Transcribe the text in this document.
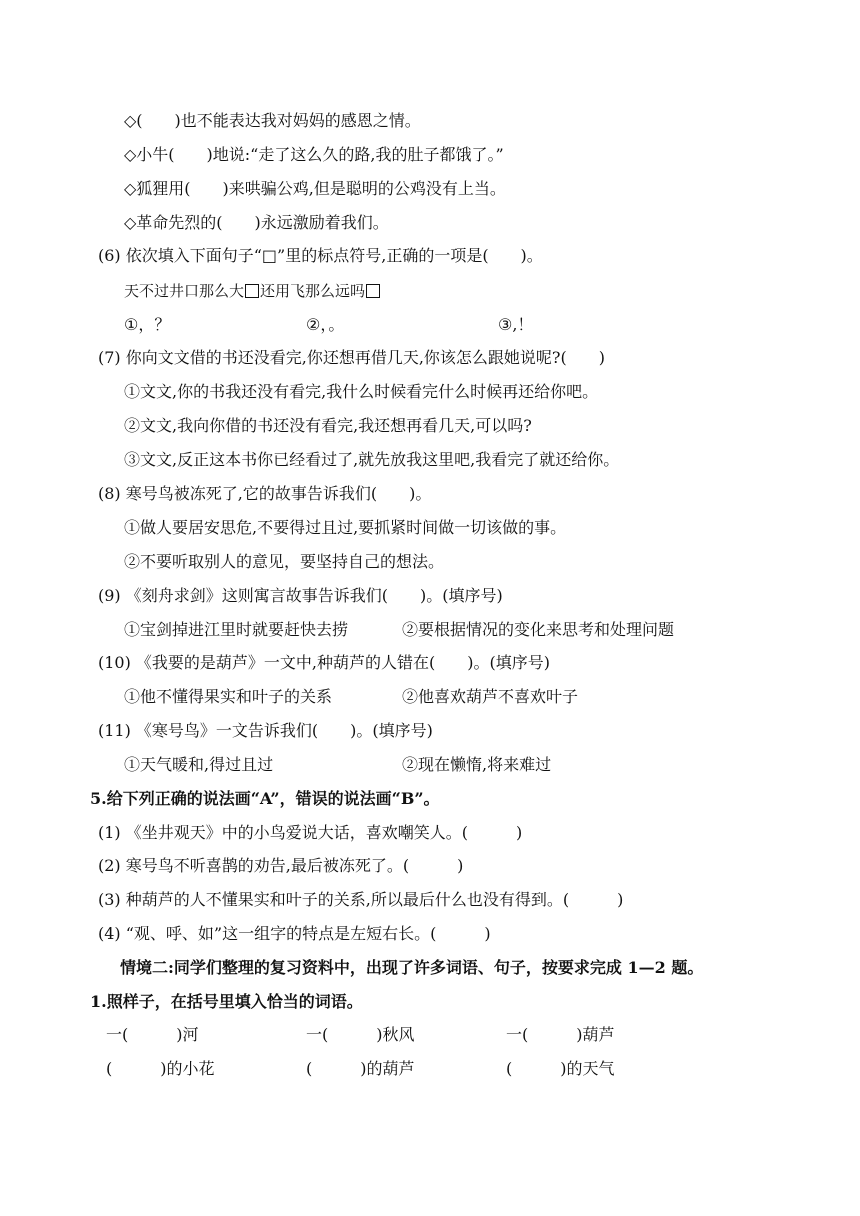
◇(　　)也不能表达我对妈妈的感恩之情。
◇小牛(　　)地说:“走了这么久的路,我的肚子都饿了。”
◇狐狸用(　　)来哄骗公鸡,但是聪明的公鸡没有上当。
◇革命先烈的(　　)永远激励着我们。
(6) 依次填入下面句子“□”里的标点符号,正确的一项是(　　)。
天不过井口那么大 还用飞那么远吗
①，？	②，。	③,！
(7) 你向文文借的书还没看完,你还想再借几天,你该怎么跟她说呢?(　　)
①文文,你的书我还没有看完,我什么时候看完什么时候再还给你吧。
②文文,我向你借的书还没有看完,我还想再看几天,可以吗?
③文文,反正这本书你已经看过了,就先放我这里吧,我看完了就还给你。
(8) 寒号鸟被冻死了,它的故事告诉我们(　　)。
①做人要居安思危,不要得过且过,要抓紧时间做一切该做的事。
②不要听取别人的意见，要坚持自己的想法。
(9) 《刻舟求剑》这则寓言故事告诉我们(　　)。(填序号)
①宝剑掉进江里时就要赶快去捞	②要根据情况的变化来思考和处理问题
(10) 《我要的是葫芦》一文中,种葫芦的人错在(　　)。(填序号)
①他不懂得果实和叶子的关系	②他喜欢葫芦不喜欢叶子
(11) 《寒号鸟》一文告诉我们(　　)。(填序号)
①天气暖和,得过且过	②现在懒惰,将来难过
5.给下列正确的说法画“A”，错误的说法画“B”。
(1) 《坐井观天》中的小鸟爱说大话，喜欢嘲笑人。(　　　)
(2) 寒号鸟不听喜鹊的劝告,最后被冻死了。(　　　)
(3) 种葫芦的人不懂果实和叶子的关系,所以最后什么也没有得到。(　　　)
(4) “观、呼、如”这一组字的特点是左短右长。(　　　)
情境二:同学们整理的复习资料中，出现了许多词语、句子，按要求完成 1—2 题。
1.照样子，在括号里填入恰当的词语。
一(　　　)河	一(　　　)秋风	一(　　　)葫芦
(　　　)的小花	(　　　)的葫芦	(　　　)的天气
